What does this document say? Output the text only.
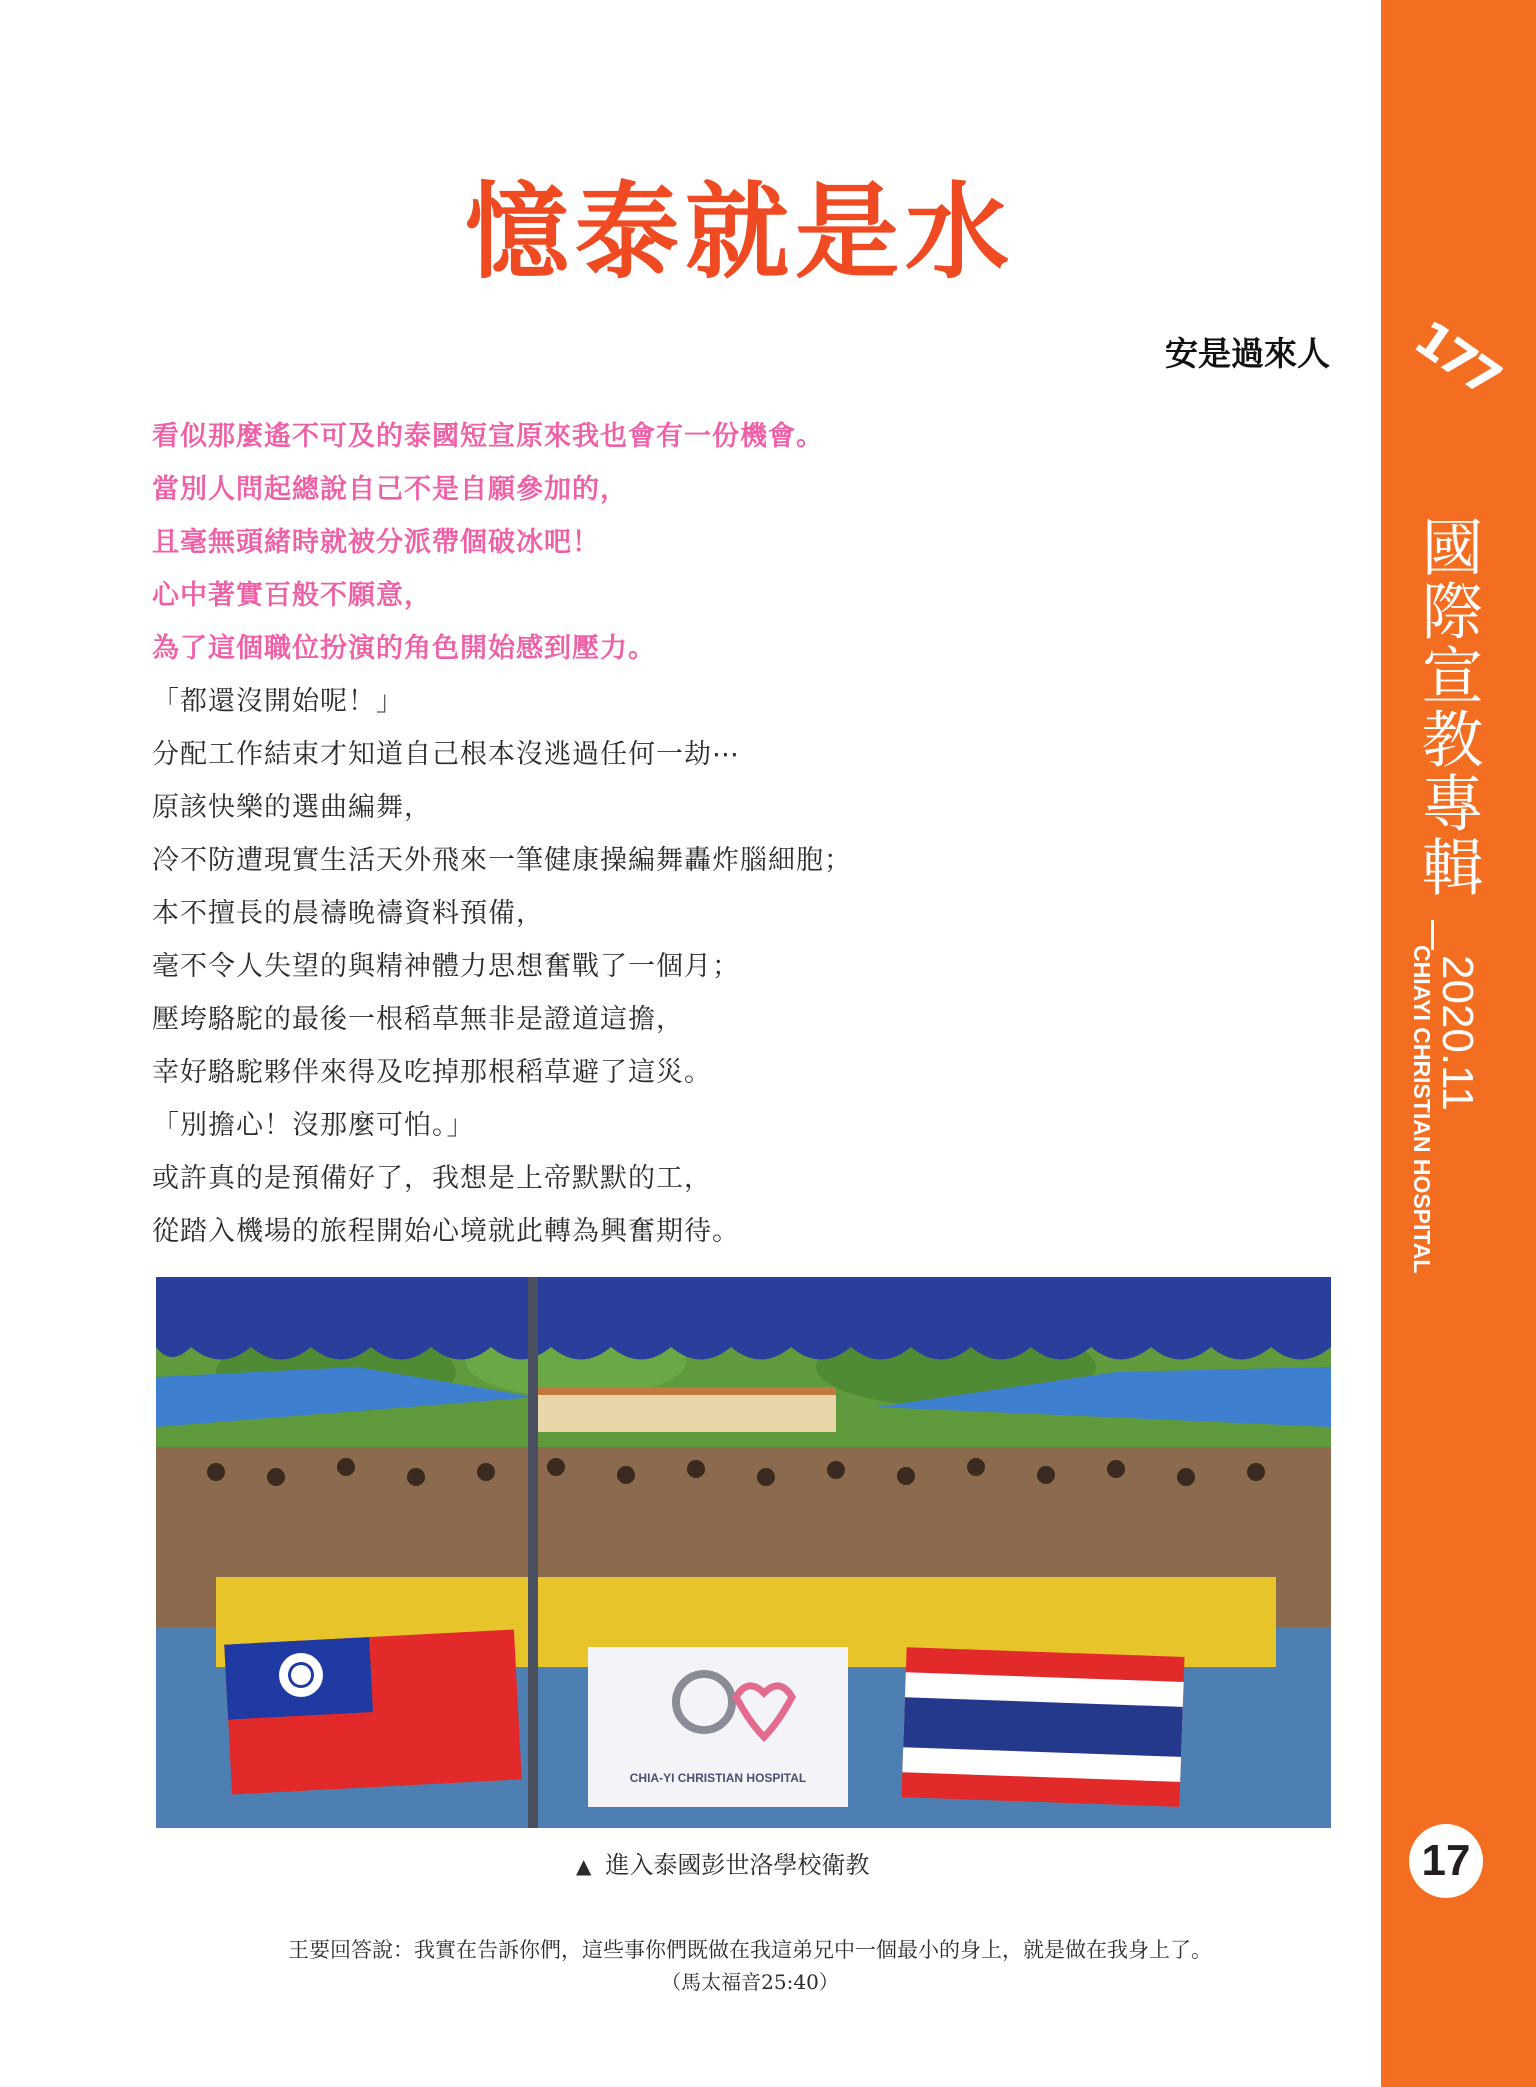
177
國際宣教專輯
2020.11
CHIAYI CHRISTIAN HOSPITAL
17
憶泰就是水
安是過來人
看似那麼遙不可及的泰國短宣原來我也會有一份機會。
當別人問起總說自己不是自願參加的，
且毫無頭緒時就被分派帶個破冰吧！
心中著實百般不願意，
為了這個職位扮演的角色開始感到壓力。
「都還沒開始呢！」
分配工作結束才知道自己根本沒逃過任何一劫⋯
原該快樂的選曲編舞，
冷不防遭現實生活天外飛來一筆健康操編舞轟炸腦細胞；
本不擅長的晨禱晚禱資料預備，
毫不令人失望的與精神體力思想奮戰了一個月；
壓垮駱駝的最後一根稻草無非是證道這擔，
幸好駱駝夥伴來得及吃掉那根稻草避了這災。
「別擔心！沒那麼可怕。」
或許真的是預備好了，我想是上帝默默的工，
從踏入機場的旅程開始心境就此轉為興奮期待。
CHIA-YI CHRISTIAN HOSPITAL
▲ 進入泰國彭世洛學校衛教
王要回答說：我實在告訴你們，這些事你們既做在我這弟兄中一個最小的身上，就是做在我身上了。
（馬太福音25:40）
